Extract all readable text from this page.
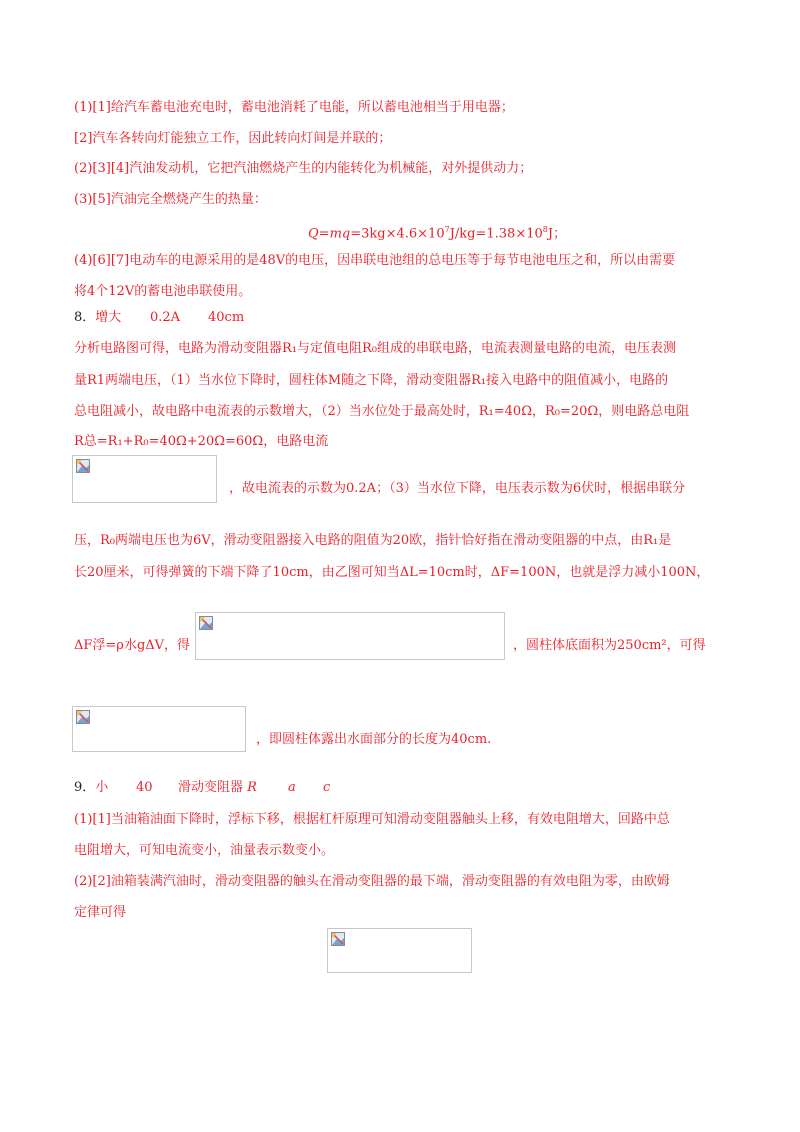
(1)[1]给汽车蓄电池充电时，蓄电池消耗了电能，所以蓄电池相当于用电器；
[2]汽车各转向灯能独立工作，因此转向灯间是并联的；
(2)[3][4]汽油发动机，它把汽油燃烧产生的内能转化为机械能，对外提供动力；
(3)[5]汽油完全燃烧产生的热量：
$Q=mq=3kg\times 4.6\times 10^7J/kg=1.38\times 10^8J$；
(4)[6][7]电动车的电源采用的是48V的电压，因串联电池组的总电压等于每节电池电压之和，所以由需要
将4个12V的蓄电池串联使用。
8．增大 0.2A 40cm
分析电路图可得，电路为滑动变阻器R₁与定值电阻R₀组成的串联电路，电流表测量电路的电流，电压表测
量R1两端电压，（1）当水位下降时，圆柱体M随之下降，滑动变阻器R₁接入电路中的阻值减小，电路的
总电阻减小，故电路中电流表的示数增大，（2）当水位处于最高处时，R₁=40Ω，R₀=20Ω，则电路总电阻
R总=R₁+R₀=40Ω+20Ω=60Ω，电路电流
，故电流表的示数为0.2A；（3）当水位下降，电压表示数为6伏时，根据串联分
压，R₀两端电压也为6V，滑动变阻器接入电路的阻值为20欧，指针恰好指在滑动变阻器的中点，由R₁是
长20厘米，可得弹簧的下端下降了10cm，由乙图可知当ΔL=10cm时，ΔF=100N，也就是浮力减小100N，
ΔF浮=ρ水gΔV，得	，圆柱体底面积为250cm²，可得
，即圆柱体露出水面部分的长度为40cm.
9．小 40 滑动变阻器 R a c
(1)[1]当油箱油面下降时，浮标下移，根据杠杆原理可知滑动变阻器触头上移，有效电阻增大，回路中总
电阻增大，可知电流变小，油量表示数变小。
(2)[2]油箱装满汽油时，滑动变阻器的触头在滑动变阻器的最下端，滑动变阻器的有效电阻为零，由欧姆
定律可得
